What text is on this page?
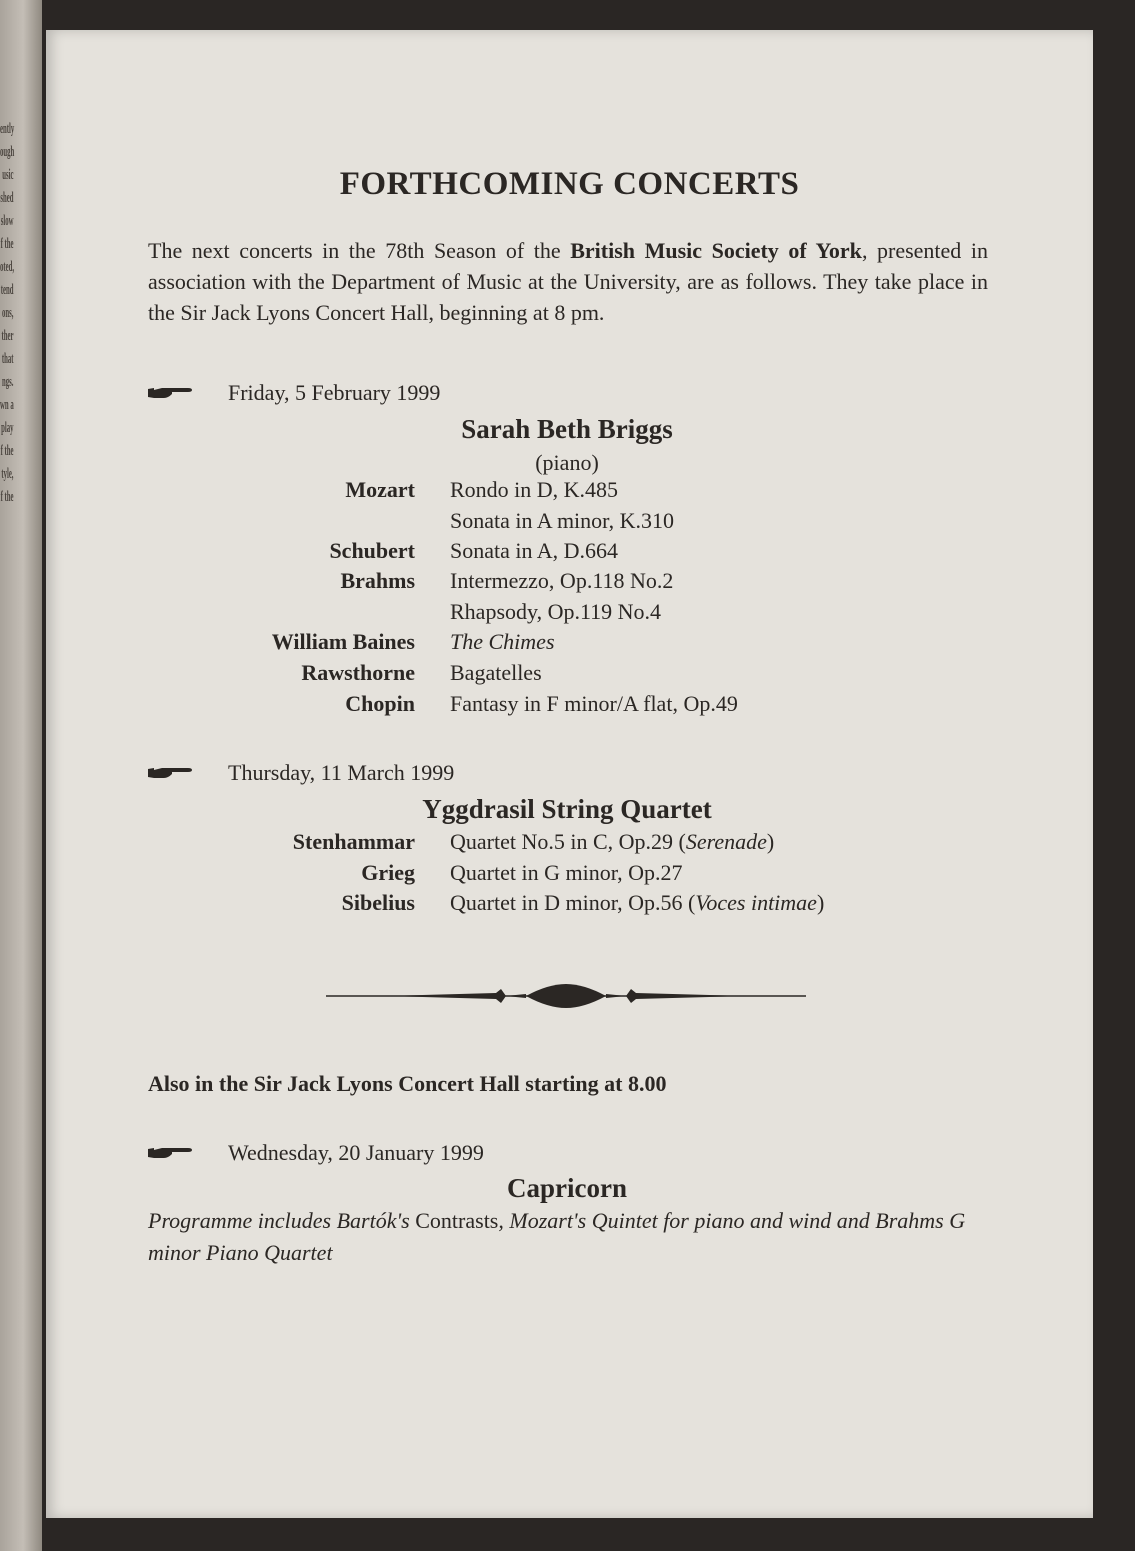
ently
ough
usic
shed
slow
f the
oted,
tend
ons,
ther
that
ngs.
wn a
play
f the
tyle,
f the
FORTHCOMING CONCERTS
The next concerts in the 78th Season of the British Music Society of York, presented in association with the Department of Music at the University, are as follows. They take place in the Sir Jack Lyons Concert Hall, beginning at 8 pm.
Friday, 5 February 1999
Sarah Beth Briggs
(piano)
Mozart Rondo in D, K.485
Sonata in A minor, K.310
Schubert Sonata in A, D.664
Brahms Intermezzo, Op.118 No.2
Rhapsody, Op.119 No.4
William Baines The Chimes
Rawsthorne Bagatelles
Chopin Fantasy in F minor/A flat, Op.49
Thursday, 11 March 1999
Yggdrasil String Quartet
Stenhammar Quartet No.5 in C, Op.29 (Serenade)
Grieg Quartet in G minor, Op.27
Sibelius Quartet in D minor, Op.56 (Voces intimae)
Also in the Sir Jack Lyons Concert Hall starting at 8.00
Wednesday, 20 January 1999
Capricorn
Programme includes Bartók's Contrasts, Mozart's Quintet for piano and wind and Brahms G minor Piano Quartet
